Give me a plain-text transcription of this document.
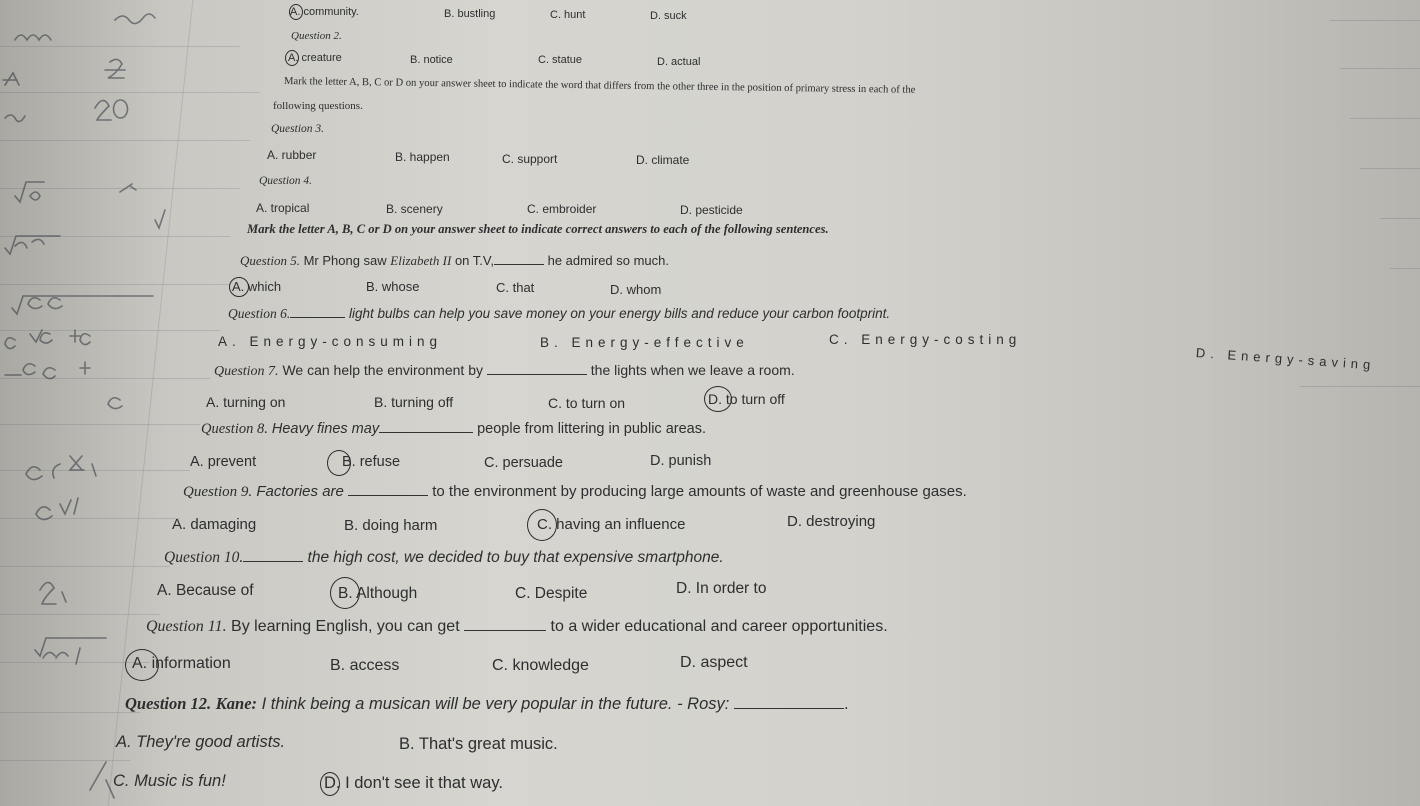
A. community.	B. bustling	C. hunt	D. suck
Question 2.
A. creature	B. notice	C. statue	D. actual
Mark the letter A, B, C or D on your answer sheet to indicate the word that differs from the other three in the position of primary stress in each of the
following questions.
Question 3.
A. rubber	B. happen	C. support	D. climate
Question 4.
A. tropical	B. scenery	C. embroider	D. pesticide
Mark the letter A, B, C or D on your answer sheet to indicate correct answers to each of the following sentences.
Question 5. Mr Phong saw Elizabeth II on T.V,	he admired so much.
A. which	B. whose	C. that	D. whom
Question 6.	light bulbs can help you save money on your energy bills and reduce your carbon footprint.
A. Energy-consuming	B. Energy-effective	C. Energy-costing
D. Energy-saving
Question 7. We can help the environment by	the lights when we leave a room.
A. turning on	B. turning off	C. to turn on	D. to turn off
Question 8. Heavy fines may	people from littering in public areas.
A. prevent	B. refuse	C. persuade	D. punish
Question 9. Factories are	to the environment by producing large amounts of waste and greenhouse gases.
A. damaging	B. doing harm	C. having an influence	D. destroying
Question 10.	the high cost, we decided to buy that expensive smartphone.
A. Because of	B. Although	C. Despite	D. In order to
Question 11. By learning English, you can get	to a wider educational and career opportunities.
A. information	B. access	C. knowledge	D. aspect
Question 12. Kane: I think being a musican will be very popular in the future. - Rosy:	.
A. They're good artists.	B. That's great music.
C. Music is fun!	D. I don't see it that way.
